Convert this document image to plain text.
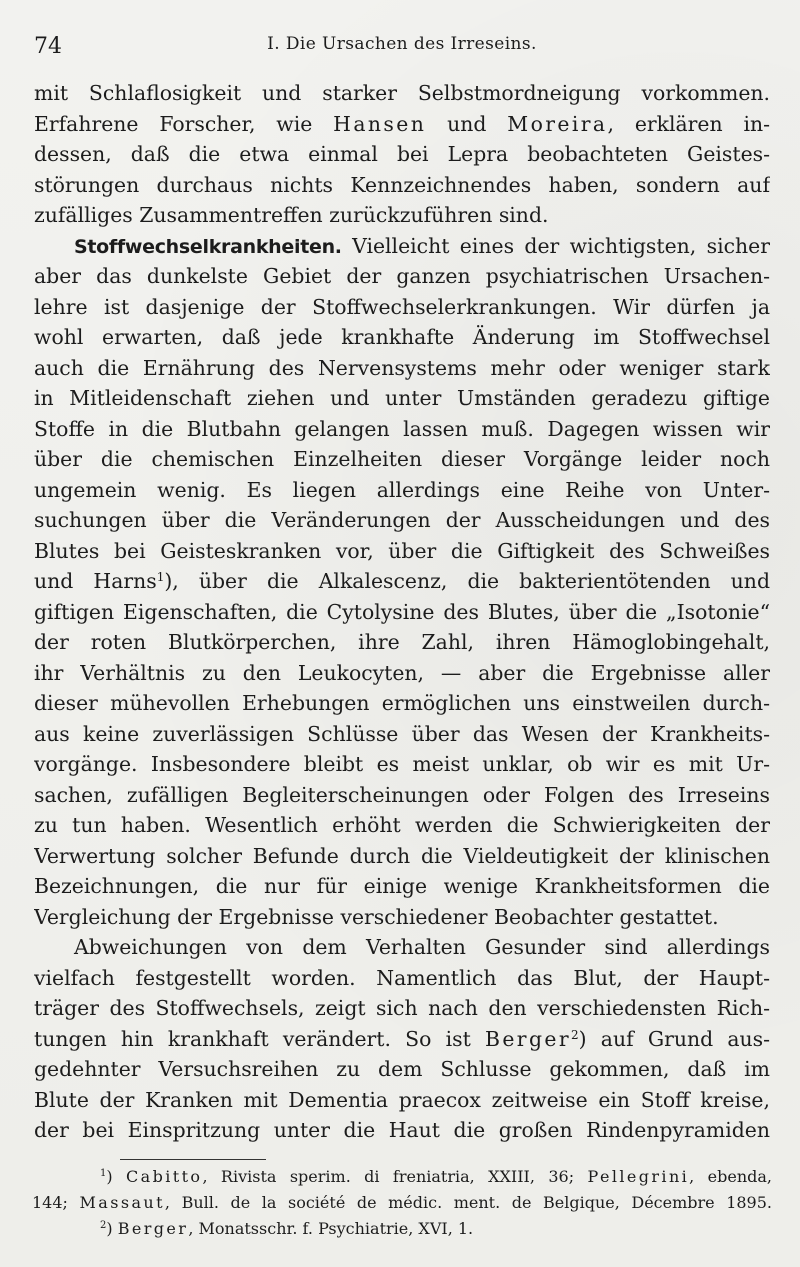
74	I. Die Ursachen des Irreseins.
mit Schlaflosigkeit und starker Selbstmordneigung vorkommen.
Erfahrene Forscher, wie Hansen und Moreira, erklären in-
dessen, daß die etwa einmal bei Lepra beobachteten Geistes-
störungen durchaus nichts Kennzeichnendes haben, sondern auf
zufälliges Zusammentreffen zurückzuführen sind.
Stoffwechselkrankheiten. Vielleicht eines der wichtigsten, sicher
aber das dunkelste Gebiet der ganzen psychiatrischen Ursachen-
lehre ist dasjenige der Stoffwechselerkrankungen. Wir dürfen ja
wohl erwarten, daß jede krankhafte Änderung im Stoffwechsel
auch die Ernährung des Nervensystems mehr oder weniger stark
in Mitleidenschaft ziehen und unter Umständen geradezu giftige
Stoffe in die Blutbahn gelangen lassen muß. Dagegen wissen wir
über die chemischen Einzelheiten dieser Vorgänge leider noch
ungemein wenig. Es liegen allerdings eine Reihe von Unter-
suchungen über die Veränderungen der Ausscheidungen und des
Blutes bei Geisteskranken vor, über die Giftigkeit des Schweißes
und Harns$^1$), über die Alkalescenz, die bakterientötenden und
giftigen Eigenschaften, die Cytolysine des Blutes, über die „Isotonie“
der roten Blutkörperchen, ihre Zahl, ihren Hämoglobingehalt,
ihr Verhältnis zu den Leukocyten, — aber die Ergebnisse aller
dieser mühevollen Erhebungen ermöglichen uns einstweilen durch-
aus keine zuverlässigen Schlüsse über das Wesen der Krankheits-
vorgänge. Insbesondere bleibt es meist unklar, ob wir es mit Ur-
sachen, zufälligen Begleiterscheinungen oder Folgen des Irreseins
zu tun haben. Wesentlich erhöht werden die Schwierigkeiten der
Verwertung solcher Befunde durch die Vieldeutigkeit der klinischen
Bezeichnungen, die nur für einige wenige Krankheitsformen die
Vergleichung der Ergebnisse verschiedener Beobachter gestattet.
Abweichungen von dem Verhalten Gesunder sind allerdings
vielfach festgestellt worden. Namentlich das Blut, der Haupt-
träger des Stoffwechsels, zeigt sich nach den verschiedensten Rich-
tungen hin krankhaft verändert. So ist Berger$^2$) auf Grund aus-
gedehnter Versuchsreihen zu dem Schlusse gekommen, daß im
Blute der Kranken mit Dementia praecox zeitweise ein Stoff kreise,
der bei Einspritzung unter die Haut die großen Rindenpyramiden
$^1$) Cabitto, Rivista sperim. di freniatria, XXIII, 36; Pellegrini, ebenda,
144; Massaut, Bull. de la société de médic. ment. de Belgique, Décembre 1895.
$^2$) Berger, Monatsschr. f. Psychiatrie, XVI, 1.
